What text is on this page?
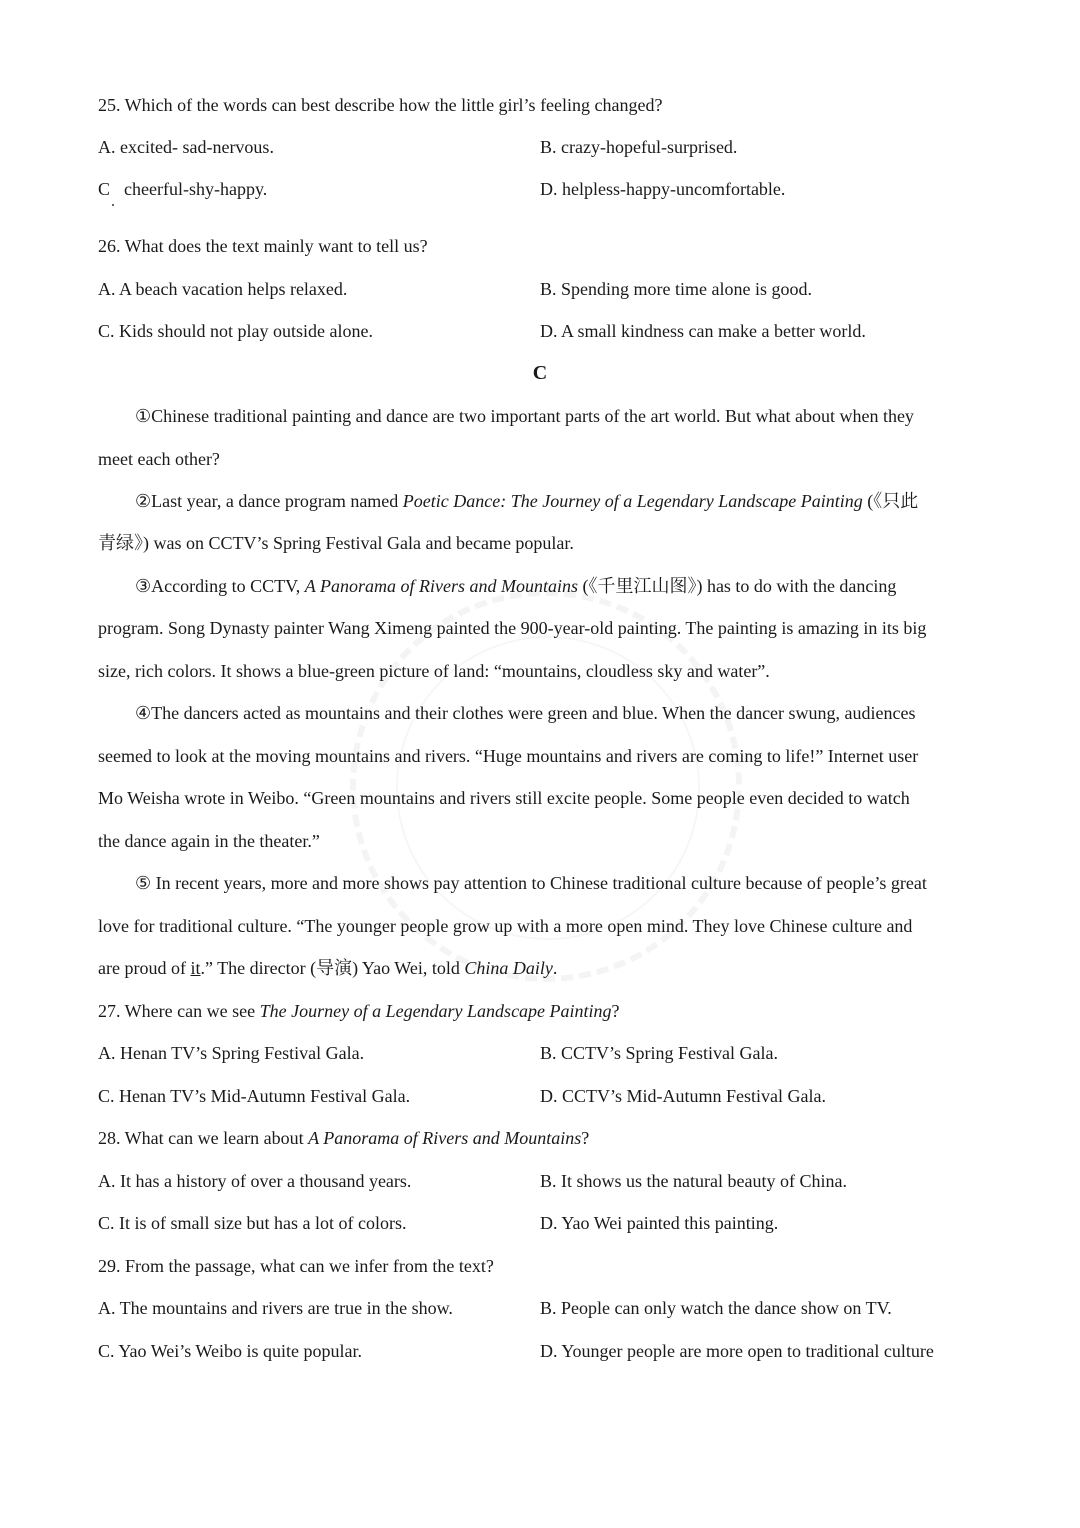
25. Which of the words can best describe how the little girl’s feeling changed?
A. excited- sad-nervous.	B. crazy-hopeful-surprised.
C cheerful-shy-happy.	D. helpless-happy-uncomfortable.
26. What does the text mainly want to tell us?
A. A beach vacation helps relaxed.	B. Spending more time alone is good.
C. Kids should not play outside alone.	D. A small kindness can make a better world.
C
①Chinese traditional painting and dance are two important parts of the art world. But what about when they
meet each other?
②Last year, a dance program named Poetic Dance: The Journey of a Legendary Landscape Painting (《只此
青绿》) was on CCTV’s Spring Festival Gala and became popular.
③According to CCTV, A Panorama of Rivers and Mountains (《千里江山图》) has to do with the dancing
program. Song Dynasty painter Wang Ximeng painted the 900-year-old painting. The painting is amazing in its big
size, rich colors. It shows a blue-green picture of land: “mountains, cloudless sky and water”.
④The dancers acted as mountains and their clothes were green and blue. When the dancer swung, audiences
seemed to look at the moving mountains and rivers. “Huge mountains and rivers are coming to life!” Internet user
Mo Weisha wrote in Weibo. “Green mountains and rivers still excite people. Some people even decided to watch
the dance again in the theater.”
⑤ In recent years, more and more shows pay attention to Chinese traditional culture because of people’s great
love for traditional culture. “The younger people grow up with a more open mind. They love Chinese culture and
are proud of it.” The director (导演) Yao Wei, told China Daily.
27. Where can we see The Journey of a Legendary Landscape Painting?
A. Henan TV’s Spring Festival Gala.	B. CCTV’s Spring Festival Gala.
C. Henan TV’s Mid-Autumn Festival Gala.	D. CCTV’s Mid-Autumn Festival Gala.
28. What can we learn about A Panorama of Rivers and Mountains?
A. It has a history of over a thousand years.	B. It shows us the natural beauty of China.
C. It is of small size but has a lot of colors.	D. Yao Wei painted this painting.
29. From the passage, what can we infer from the text?
A. The mountains and rivers are true in the show.	B. People can only watch the dance show on TV.
C. Yao Wei’s Weibo is quite popular.	D. Younger people are more open to traditional culture
